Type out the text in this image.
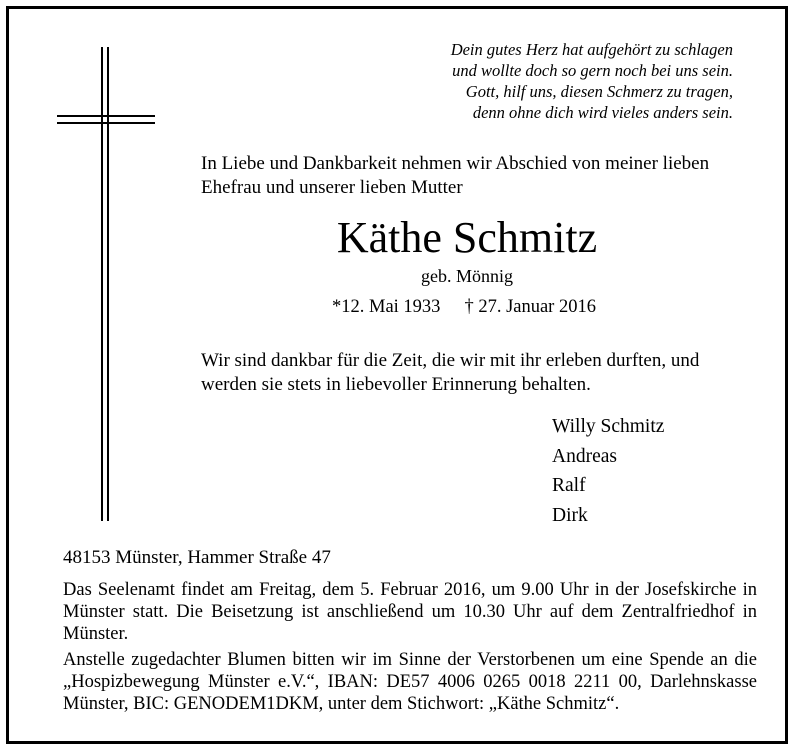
Dein gutes Herz hat aufgehört zu schlagen
und wollte doch so gern noch bei uns sein.
Gott, hilf uns, diesen Schmerz zu tragen,
denn ohne dich wird vieles anders sein.
In Liebe und Dankbarkeit nehmen wir Abschied von meiner lieben
Ehefrau und unserer lieben Mutter
Käthe Schmitz
geb. Mönnig
*12. Mai 1933 † 27. Januar 2016
Wir sind dankbar für die Zeit, die wir mit ihr erleben durften, und
werden sie stets in liebevoller Erinnerung behalten.
Willy Schmitz
Andreas
Ralf
Dirk
48153 Münster, Hammer Straße 47
Das Seelenamt findet am Freitag, dem 5. Februar 2016, um 9.00 Uhr in der Josefskirche in Münster statt. Die Beisetzung ist anschließend um 10.30 Uhr auf dem Zentralfriedhof in Münster.
Anstelle zugedachter Blumen bitten wir im Sinne der Verstorbenen um eine Spende an die „Hospizbewegung Münster e.V.“, IBAN: DE57 4006 0265 0018 2211 00, Darlehnskasse Münster, BIC: GENODEM1DKM, unter dem Stichwort: „Käthe Schmitz“.
